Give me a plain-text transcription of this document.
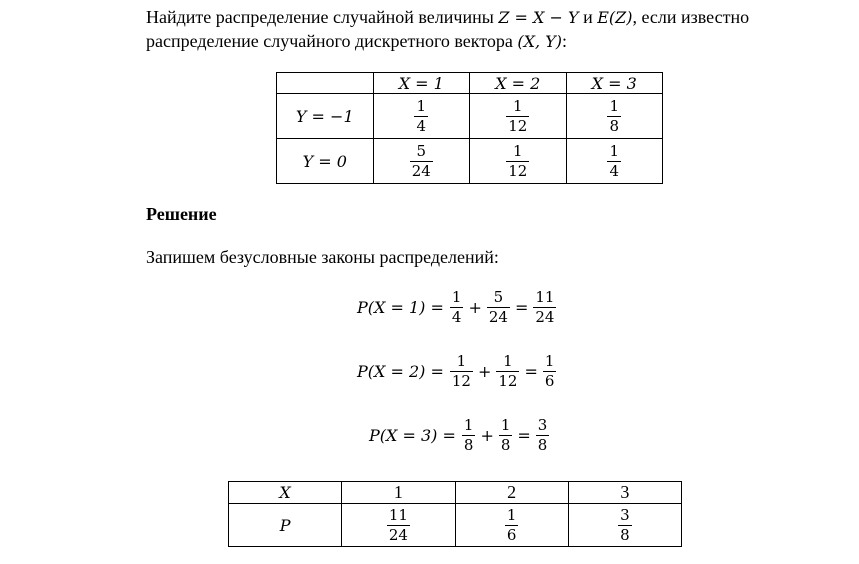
Найдите распределение случайной величины Z = X − Y и E(Z), если известно
распределение случайного дискретного вектора (X, Y):
	X = 1	X = 2	X = 3
Y = −1	$\frac{1}{4}$	$\frac{1}{12}$	$\frac{1}{8}$

Y = 0	$\frac{5}{24}$	$\frac{1}{12}$	$\frac{1}{4}$
Решение
Запишем безусловные законы распределений:
$P(X = 1) = \frac{1}{4} + \frac{5}{24} = \frac{11}{24}$
$P(X = 2) = \frac{1}{12} + \frac{1}{12} = \frac{1}{6}$
$P(X = 3) = \frac{1}{8} + \frac{1}{8} = \frac{3}{8}$
X	1	2	3
P	$\frac{11}{24}$	$\frac{1}{6}$	$\frac{3}{8}$
